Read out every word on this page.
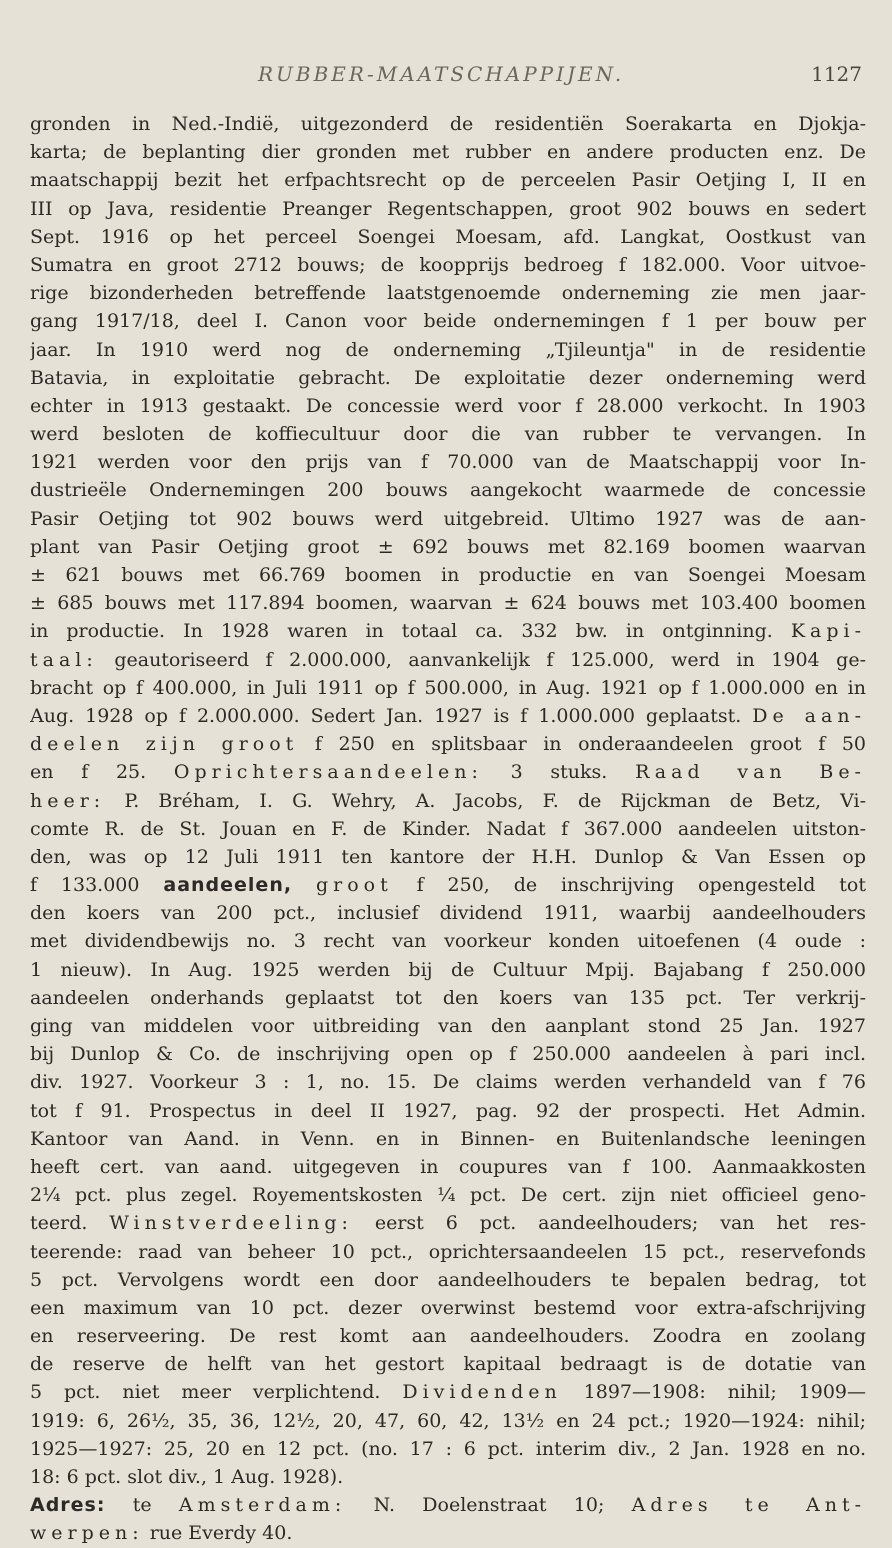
RUBBER-MAATSCHAPPIJEN.	1127
gronden in Ned.-Indië, uitgezonderd de residentiën Soerakarta en Djokja-
karta; de beplanting dier gronden met rubber en andere producten enz. De
maatschappij bezit het erfpachtsrecht op de perceelen Pasir Oetjing I, II en
III op Java, residentie Preanger Regentschappen, groot 902 bouws en sedert
Sept. 1916 op het perceel Soengei Moesam, afd. Langkat, Oostkust van
Sumatra en groot 2712 bouws; de koopprijs bedroeg f 182.000. Voor uitvoe-
rige bizonderheden betreffende laatstgenoemde onderneming zie men jaar-
gang 1917/18, deel I. Canon voor beide ondernemingen f 1 per bouw per
jaar. In 1910 werd nog de onderneming „Tjileuntja" in de residentie
Batavia, in exploitatie gebracht. De exploitatie dezer onderneming werd
echter in 1913 gestaakt. De concessie werd voor f 28.000 verkocht. In 1903
werd besloten de koffiecultuur door die van rubber te vervangen. In
1921 werden voor den prijs van f 70.000 van de Maatschappij voor In-
dustrieële Ondernemingen 200 bouws aangekocht waarmede de concessie
Pasir Oetjing tot 902 bouws werd uitgebreid. Ultimo 1927 was de aan-
plant van Pasir Oetjing groot ± 692 bouws met 82.169 boomen waarvan
± 621 bouws met 66.769 boomen in productie en van Soengei Moesam
± 685 bouws met 117.894 boomen, waarvan ± 624 bouws met 103.400 boomen
in productie. In 1928 waren in totaal ca. 332 bw. in ontginning. Kapi-
taal: geautoriseerd f 2.000.000, aanvankelijk f 125.000, werd in 1904 ge-
bracht op f 400.000, in Juli 1911 op f 500.000, in Aug. 1921 op f 1.000.000 en in
Aug. 1928 op f 2.000.000. Sedert Jan. 1927 is f 1.000.000 geplaatst. De aan-
deelen zijn groot f 250 en splitsbaar in onderaandeelen groot f 50
en f 25. Oprichtersaandeelen: 3 stuks. Raad van Be-
heer: P. Bréham, I. G. Wehry, A. Jacobs, F. de Rijckman de Betz, Vi-
comte R. de St. Jouan en F. de Kinder. Nadat f 367.000 aandeelen uitston-
den, was op 12 Juli 1911 ten kantore der H.H. Dunlop & Van Essen op
f 133.000 aandeelen, groot f 250, de inschrijving opengesteld tot
den koers van 200 pct., inclusief dividend 1911, waarbij aandeelhouders
met dividendbewijs no. 3 recht van voorkeur konden uitoefenen (4 oude :
1 nieuw). In Aug. 1925 werden bij de Cultuur Mpij. Bajabang f 250.000
aandeelen onderhands geplaatst tot den koers van 135 pct. Ter verkrij-
ging van middelen voor uitbreiding van den aanplant stond 25 Jan. 1927
bij Dunlop & Co. de inschrijving open op f 250.000 aandeelen à pari incl.
div. 1927. Voorkeur 3 : 1, no. 15. De claims werden verhandeld van f 76
tot f 91. Prospectus in deel II 1927, pag. 92 der prospecti. Het Admin.
Kantoor van Aand. in Venn. en in Binnen- en Buitenlandsche leeningen
heeft cert. van aand. uitgegeven in coupures van f 100. Aanmaakkosten
2¼ pct. plus zegel. Royementskosten ¼ pct. De cert. zijn niet officieel geno-
teerd. Winstverdeeling: eerst 6 pct. aandeelhouders; van het res-
teerende: raad van beheer 10 pct., oprichtersaandeelen 15 pct., reservefonds
5 pct. Vervolgens wordt een door aandeelhouders te bepalen bedrag, tot
een maximum van 10 pct. dezer overwinst bestemd voor extra-afschrijving
en reserveering. De rest komt aan aandeelhouders. Zoodra en zoolang
de reserve de helft van het gestort kapitaal bedraagt is de dotatie van
5 pct. niet meer verplichtend. Dividenden 1897—1908: nihil; 1909—
1919: 6, 26½, 35, 36, 12½, 20, 47, 60, 42, 13½ en 24 pct.; 1920—1924: nihil;
1925—1927: 25, 20 en 12 pct. (no. 17 : 6 pct. interim div., 2 Jan. 1928 en no.
18: 6 pct. slot div., 1 Aug. 1928).
Adres: te Amsterdam: N. Doelenstraat 10; Adres te Ant-
werpen: rue Everdy 40.
